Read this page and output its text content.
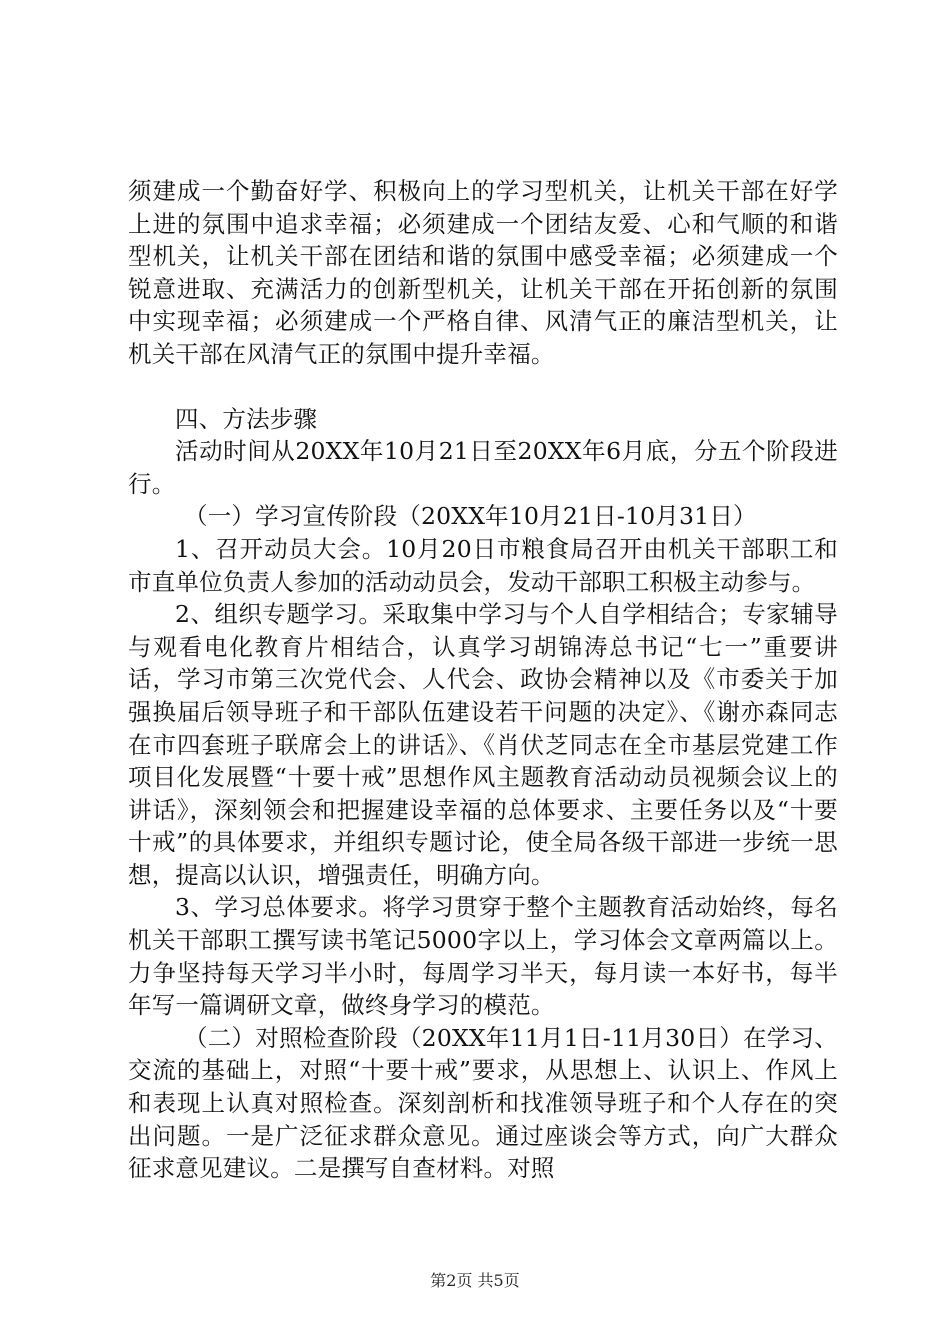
须建成一个勤奋好学、积极向上的学习型机关，让机关干部在好学上进的氛围中追求幸福；必须建成一个团结友爱、心和气顺的和谐型机关，让机关干部在团结和谐的氛围中感受幸福；必须建成一个锐意进取、充满活力的创新型机关，让机关干部在开拓创新的氛围中实现幸福；必须建成一个严格自律、风清气正的廉洁型机关，让机关干部在风清气正的氛围中提升幸福。

四、方法步骤

活动时间从20XX年10月21日至20XX年6月底，分五个阶段进行。

（一）学习宣传阶段（20XX年10月21日-10月31日）

1、召开动员大会。10月20日市粮食局召开由机关干部职工和市直单位负责人参加的活动动员会，发动干部职工积极主动参与。

2、组织专题学习。采取集中学习与个人自学相结合；专家辅导与观看电化教育片相结合，认真学习胡锦涛总书记“七一”重要讲话，学习市第三次党代会、人代会、政协会精神以及《市委关于加强换届后领导班子和干部队伍建设若干问题的决定》、《谢亦森同志在市四套班子联席会上的讲话》、《肖伏芝同志在全市基层党建工作项目化发展暨“十要十戒”思想作风主题教育活动动员视频会议上的讲话》，深刻领会和把握建设幸福的总体要求、主要任务以及“十要十戒”的具体要求，并组织专题讨论，使全局各级干部进一步统一思想，提高以认识，增强责任，明确方向。

3、学习总体要求。将学习贯穿于整个主题教育活动始终，每名机关干部职工撰写读书笔记5000字以上，学习体会文章两篇以上。力争坚持每天学习半小时，每周学习半天，每月读一本好书，每半年写一篇调研文章，做终身学习的模范。

（二）对照检查阶段（20XX年11月1日-11月30日）在学习、交流的基础上，对照“十要十戒”要求，从思想上、认识上、作风上和表现上认真对照检查。深刻剖析和找准领导班子和个人存在的突出问题。一是广泛征求群众意见。通过座谈会等方式，向广大群众征求意见建议。二是撰写自查材料。对照

第2页 共5页
